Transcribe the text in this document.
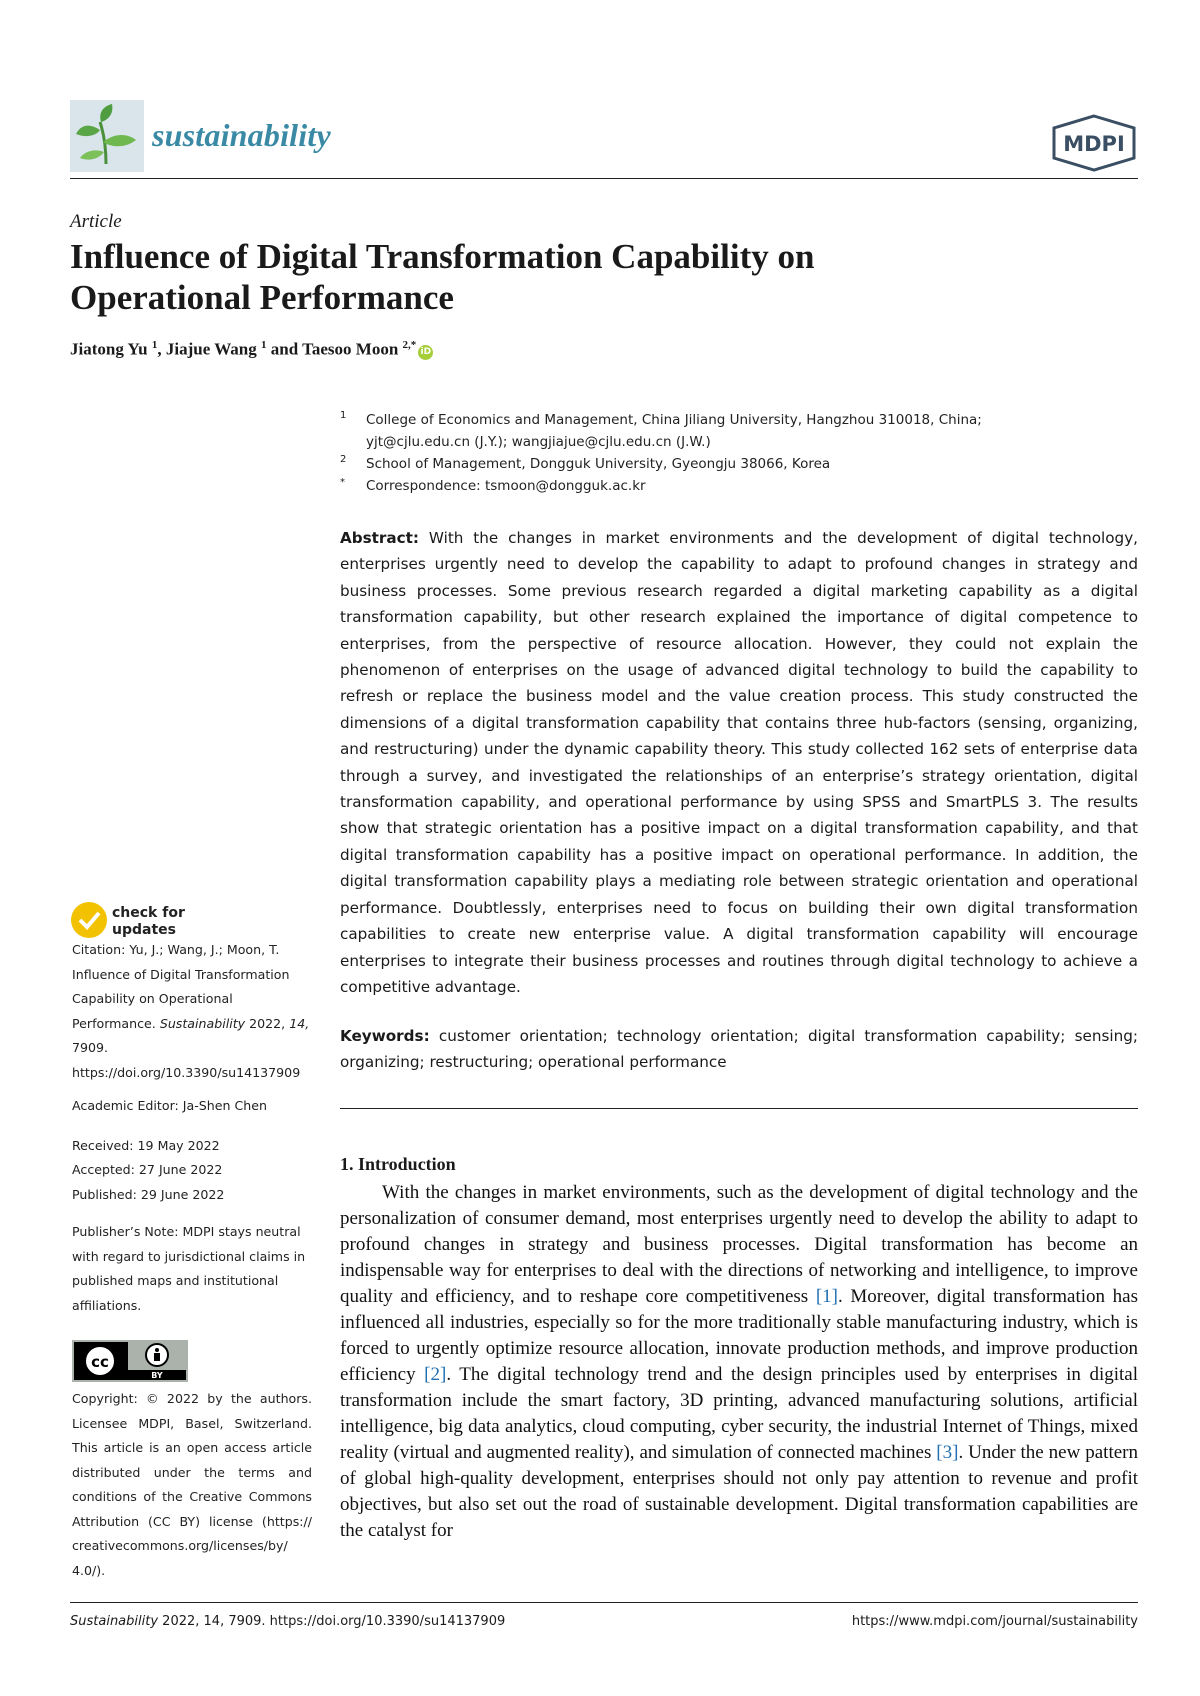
sustainability	MDPI
Article
Influence of Digital Transformation Capability on Operational Performance
Jiatong Yu $^1$, Jiajue Wang $^1$ and Taesoo Moon $^{2,*}$iD
1 College of Economics and Management, China Jiliang University, Hangzhou 310018, China;
yjt@cjlu.edu.cn (J.Y.); wangjiajue@cjlu.edu.cn (J.W.)
2 School of Management, Dongguk University, Gyeongju 38066, Korea
* Correspondence: tsmoon@dongguk.ac.kr
Abstract: With the changes in market environments and the development of digital technology, enterprises urgently need to develop the capability to adapt to profound changes in strategy and business processes. Some previous research regarded a digital marketing capability as a digital transformation capability, but other research explained the importance of digital competence to enterprises, from the perspective of resource allocation. However, they could not explain the phenomenon of enterprises on the usage of advanced digital technology to build the capability to refresh or replace the business model and the value creation process. This study constructed the dimensions of a digital transformation capability that contains three hub-factors (sensing, organizing, and restructuring) under the dynamic capability theory. This study collected 162 sets of enterprise data through a survey, and investigated the relationships of an enterprise’s strategy orientation, digital transformation capability, and operational performance by using SPSS and SmartPLS 3. The results show that strategic orientation has a positive impact on a digital transformation capability, and that digital transformation capability has a positive impact on operational performance. In addition, the digital transformation capability plays a mediating role between strategic orientation and operational performance. Doubtlessly, enterprises need to focus on building their own digital transformation capabilities to create new enterprise value. A digital transformation capability will encourage enterprises to integrate their business processes and routines through digital technology to achieve a competitive advantage.
Keywords: customer orientation; technology orientation; digital transformation capability; sensing; organizing; restructuring; operational performance
1. Introduction
With the changes in market environments, such as the development of digital technology and the personalization of consumer demand, most enterprises urgently need to develop the ability to adapt to profound changes in strategy and business processes. Digital transformation has become an indispensable way for enterprises to deal with the directions of networking and intelligence, to improve quality and efficiency, and to reshape core competitiveness [1]. Moreover, digital transformation has influenced all industries, especially so for the more traditionally stable manufacturing industry, which is forced to urgently optimize resource allocation, innovate production methods, and improve production efficiency [2]. The digital technology trend and the design principles used by enterprises in digital transformation include the smart factory, 3D printing, advanced manufacturing solutions, artificial intelligence, big data analytics, cloud computing, cyber security, the industrial Internet of Things, mixed reality (virtual and augmented reality), and simulation of connected machines [3]. Under the new pattern of global high-quality development, enterprises should not only pay attention to revenue and profit objectives, but also set out the road of sustainable development. Digital transformation capabilities are the catalyst for
check for
updates
Citation: Yu, J.; Wang, J.; Moon, T. Influence of Digital Transformation Capability on Operational Performance. Sustainability 2022, 14, 7909. https://doi.org/10.3390/su14137909
Academic Editor: Ja-Shen Chen
Received: 19 May 2022
Accepted: 27 June 2022
Published: 29 June 2022
Publisher’s Note: MDPI stays neutral with regard to jurisdictional claims in published maps and institutional affiliations.
cc
BY
Copyright: © 2022 by the authors. Licensee MDPI, Basel, Switzerland. This article is an open access article distributed under the terms and conditions of the Creative Commons Attribution (CC BY) license (https:// creativecommons.org/licenses/by/ 4.0/).
Sustainability 2022, 14, 7909. https://doi.org/10.3390/su14137909	https://www.mdpi.com/journal/sustainability
